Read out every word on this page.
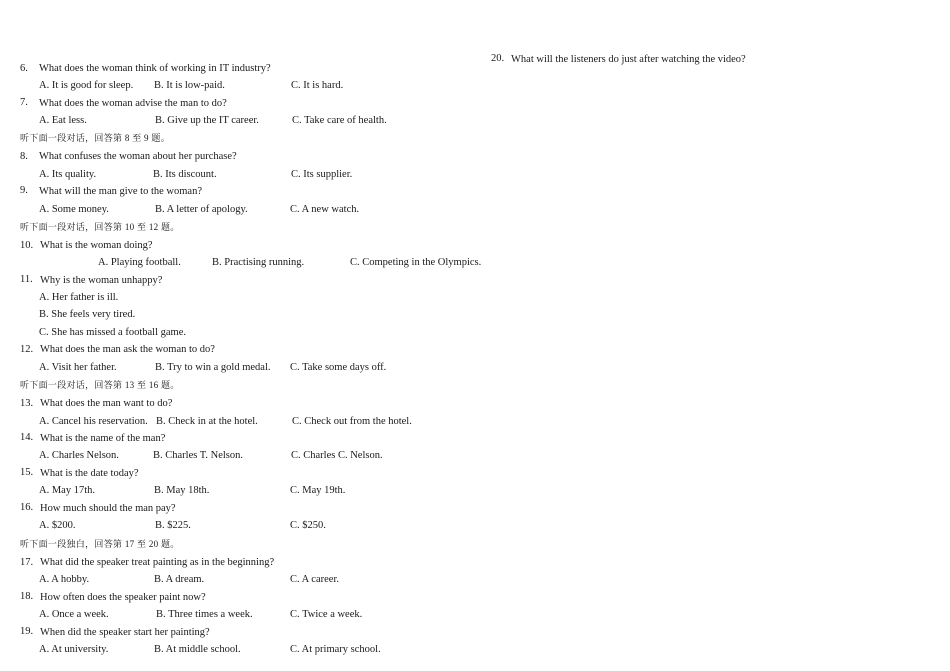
20. What will the listeners do just after watching the video?
6. What does the woman think of working in IT industry?
A. It is good for sleep. B. It is low-paid.	C. It is hard.
7. What does the woman advise the man to do?
A. Eat less.	B. Give up the IT career.	C. Take care of health.
听下面一段对话，回答第 8 至 9 题。
8. What confuses the woman about her purchase?
A. Its quality.	B. Its discount.	C. Its supplier.
9. What will the man give to the woman?
A. Some money.	B. A letter of apology.	C. A new watch.
听下面一段对话，回答第 10 至 12 题。
10. What is the woman doing?
A. Playing football.	B. Practising running.	C. Competing in the Olympics.
11. Why is the woman unhappy?
A. Her father is ill.
B. She feels very tired.
C. She has missed a football game.
12. What does the man ask the woman to do?
A. Visit her father.	B. Try to win a gold medal. C. Take some days off.
听下面一段对话，回答第 13 至 16 题。
13. What does the man want to do?
A. Cancel his reservation. B. Check in at the hotel.	C. Check out from the hotel.
14. What is the name of the man?
A. Charles Nelson.	B. Charles T. Nelson.	C. Charles C. Nelson.
15. What is the date today?
A. May 17th.	B. May 18th.	C. May 19th.
16. How much should the man pay?
A. $200.	B. $225.	C. $250.
听下面一段独白，回答第 17 至 20 题。
17. What did the speaker treat painting as in the beginning?
A. A hobby.	B. A dream.	C. A career.
18. How often does the speaker paint now?
A. Once a week.	B. Three times a week.	C. Twice a week.
19. When did the speaker start her painting?
A. At university.	B. At middle school.	C. At primary school.
